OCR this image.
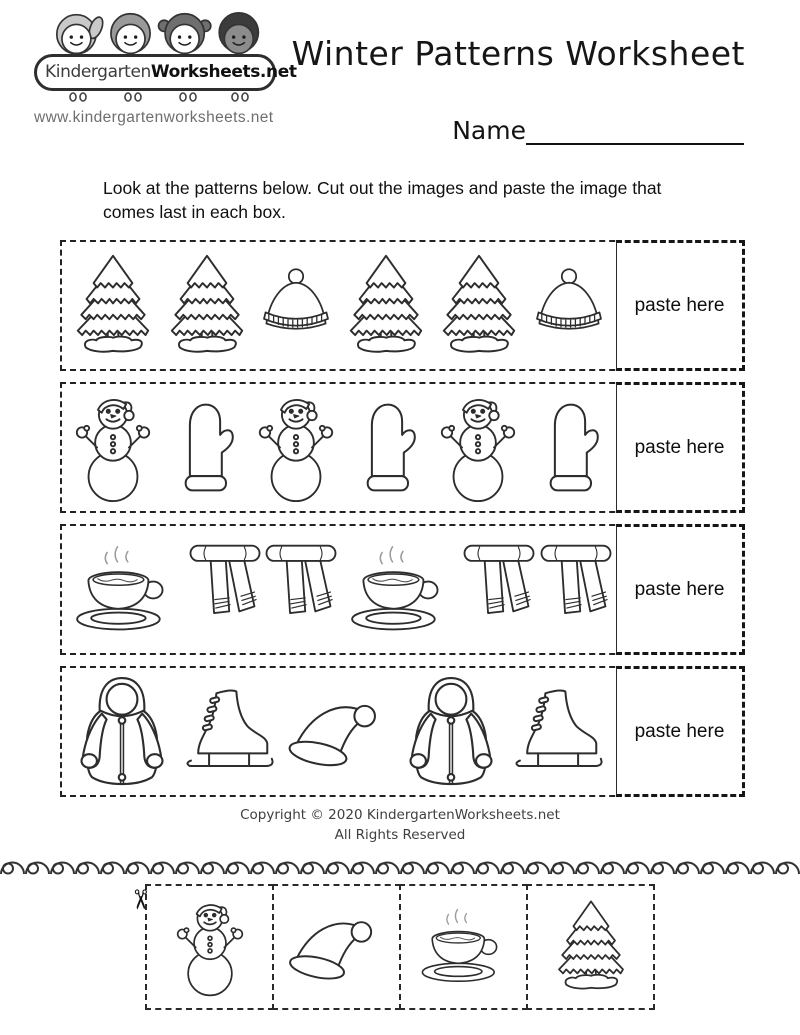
KindergartenWorksheets.net
www.kindergartenworksheets.net
Winter Patterns Worksheet
Name

Look at the patterns below. Cut out the images and paste the image that comes last in each box.

paste here
paste here
paste here
paste here
Copyright © 2020 KindergartenWorksheets.net
All Rights Reserved
✂
